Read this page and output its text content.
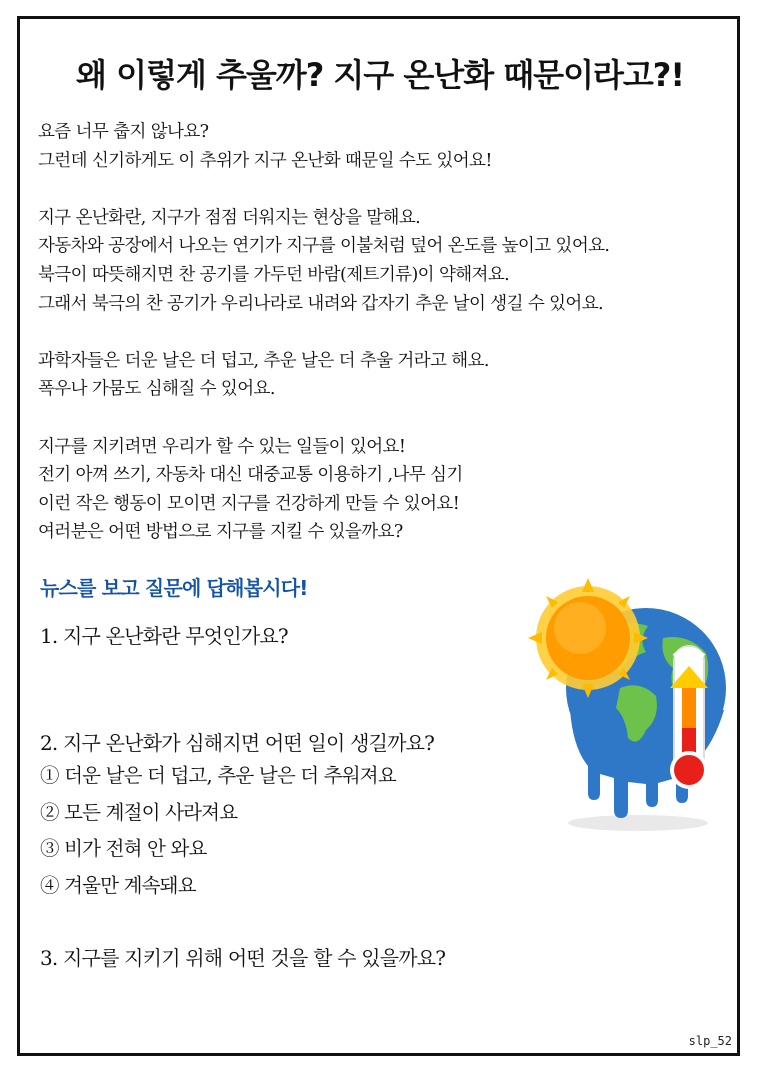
왜 이렇게 추울까? 지구 온난화 때문이라고?!

요즘 너무 춥지 않나요?
그런데 신기하게도 이 추위가 지구 온난화 때문일 수도 있어요!

지구 온난화란, 지구가 점점 더워지는 현상을 말해요.
자동차와 공장에서 나오는 연기가 지구를 이불처럼 덮어 온도를 높이고 있어요.
북극이 따뜻해지면 찬 공기를 가두던 바람(제트기류)이 약해져요.
그래서 북극의 찬 공기가 우리나라로 내려와 갑자기 추운 날이 생길 수 있어요.

과학자들은 더운 날은 더 덥고, 추운 날은 더 추울 거라고 해요.
폭우나 가뭄도 심해질 수 있어요.

지구를 지키려면 우리가 할 수 있는 일들이 있어요!
전기 아껴 쓰기, 자동차 대신 대중교통 이용하기 ,나무 심기
이런 작은 행동이 모이면 지구를 건강하게 만들 수 있어요!
여러분은 어떤 방법으로 지구를 지킬 수 있을까요?

뉴스를 보고 질문에 답해봅시다!
1. 지구 온난화란 무엇인가요?
2. 지구 온난화가 심해지면 어떤 일이 생길까요?
① 더운 날은 더 덥고, 추운 날은 더 추워져요
② 모든 계절이 사라져요
③ 비가 전혀 안 와요
④ 겨울만 계속돼요
3. 지구를 지키기 위해 어떤 것을 할 수 있을까요?
slp_52
